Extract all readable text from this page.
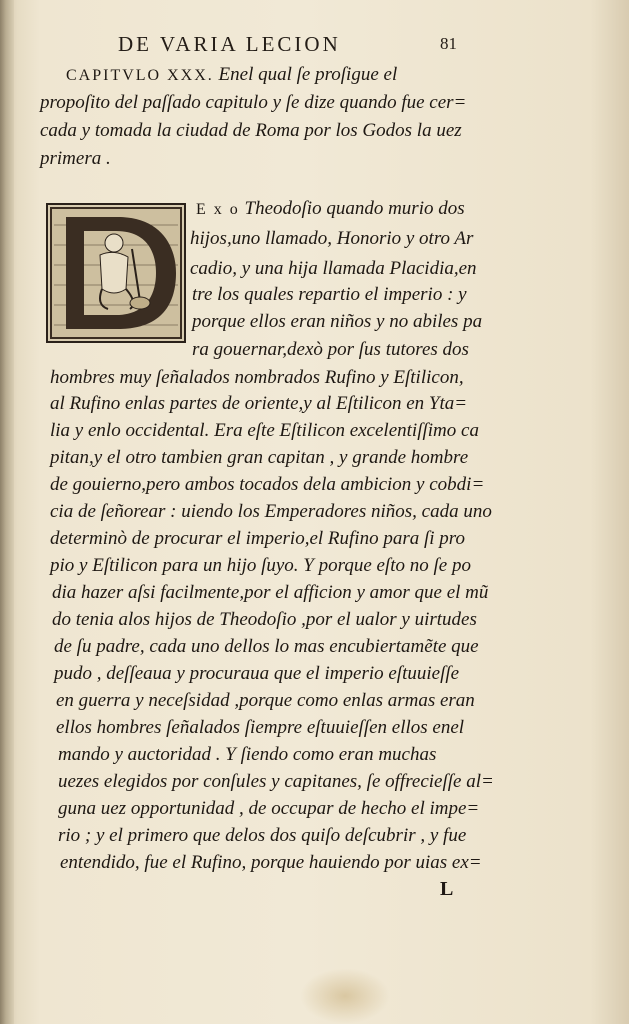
DE VARIA LECION	81
CAPITVLO XXX. Enel qual ſe proſigue el
propoſito del paſſado capitulo y ſe dize quando fue cer=
cada y tomada la ciudad de Roma por los Godos la uez
primera .
E x o Theodoſio quando murio dos
hijos,uno llamado, Honorio y otro Ar
cadio, y una hija llamada Placidia,en
tre los quales repartio el imperio : y
porque ellos eran niños y no abiles pa
ra gouernar,dexò por ſus tutores dos
hombres muy ſeñalados nombrados Rufino y Eſtilicon,
al Rufino enlas partes de oriente,y al Eſtilicon en Yta=
lia y enlo occidental. Era eſte Eſtilicon excelentiſſimo ca
pitan,y el otro tambien gran capitan , y grande hombre
de gouierno,pero ambos tocados dela ambicion y cobdi=
cia de ſeñorear : uiendo los Emperadores niños, cada uno
determinò de procurar el imperio,el Rufino para ſi pro
pio y Eſtilicon para un hijo ſuyo. Y porque eſto no ſe po
dia hazer aſsi facilmente,por el afficion y amor que el mũ
do tenia alos hijos de Theodoſio ,por el ualor y uirtudes
de ſu padre, cada uno dellos lo mas encubiertamẽte que
pudo , deſſeaua y procuraua que el imperio eſtuuieſſe
en guerra y neceſsidad ,porque como enlas armas eran
ellos hombres ſeñalados ſiempre eſtuuieſſen ellos enel
mando y auctoridad . Y ſiendo como eran muchas
uezes elegidos por conſules y capitanes, ſe offrecieſſe al=
guna uez opportunidad , de occupar de hecho el impe=
rio ; y el primero que delos dos quiſo deſcubrir , y fue
entendido, fue el Rufino, porque hauiendo por uias ex=
L
